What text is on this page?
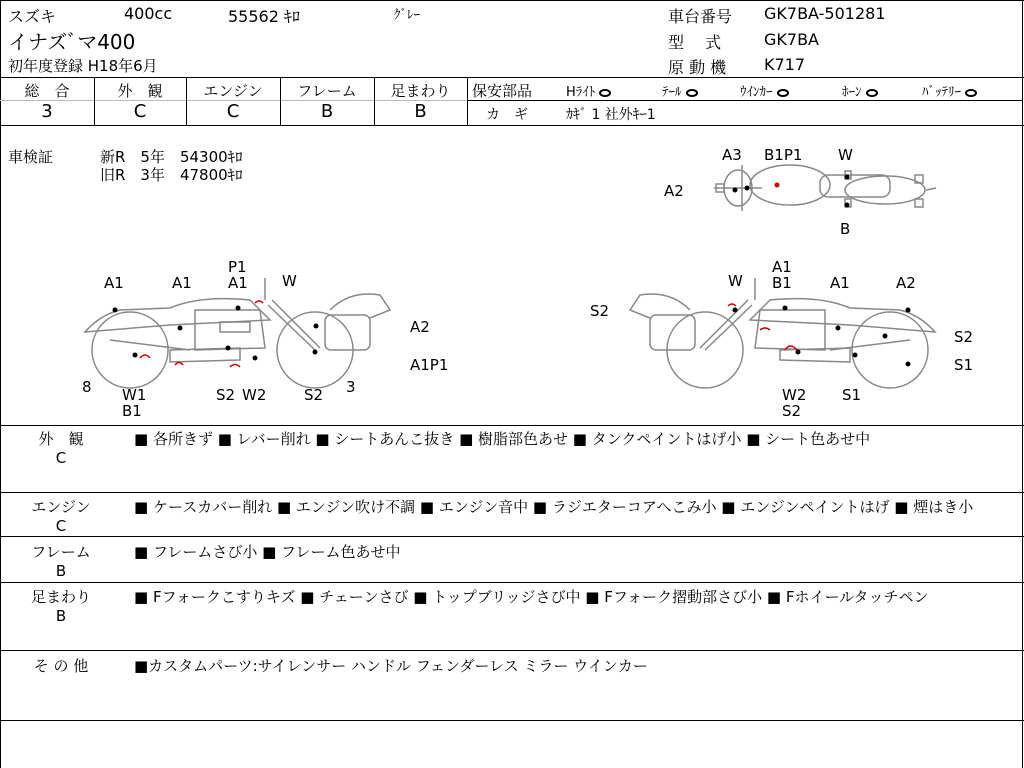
スズキ	400cc	55562 ｷﾛ	ｸﾞﾚｰ
イナズﾞマ400
初年度登録 H18年6月
車台番号 GK7BA-501281
型　 式	GK7BA
原 動 機 K717
総　合
3
外　観
C
エンジン
C
フレーム
B
足まわり
B
保安部品	Hﾗｲﾄ	ﾃｰﾙ	ｳｲﾝｶｰ	ﾎｰﾝ	ﾊﾞｯﾃﾘｰ
カ　ギ	ｶｷﾞ 1 社外ｷｰ1
車検証	新R　5年　54300ｷﾛ
旧R　3年　47800ｷﾛ
A3 B1P1 W
A2
B
P1
A1 W
A1	A1
A2
A1P1
8 W1
B1
S2 W2	S2 3
A1
W B1	A1	A2
S2
S2
S1
W2
S2
S1
外　観
C
■ 各所きず ■ レバー削れ ■ シートあんこ抜き ■ 樹脂部色あせ ■ タンクペイントはげ小 ■ シート色あせ中
エンジン
C
■ ケースカバー削れ ■ エンジン吹け不調 ■ エンジン音中 ■ ラジエターコアへこみ小 ■ エンジンペイントはげ ■ 煙はき小
フレーム
B
■ フレームさび小 ■ フレーム色あせ中
足まわり
B
■ Fフォークこすりキズ ■ チェーンさび ■ トップブリッジさび中 ■ Fフォーク摺動部さび小 ■ Fホイールタッチペン
そ の 他	■カスタムパーツ:サイレンサー ハンドル フェンダーレス ミラー ウインカー
